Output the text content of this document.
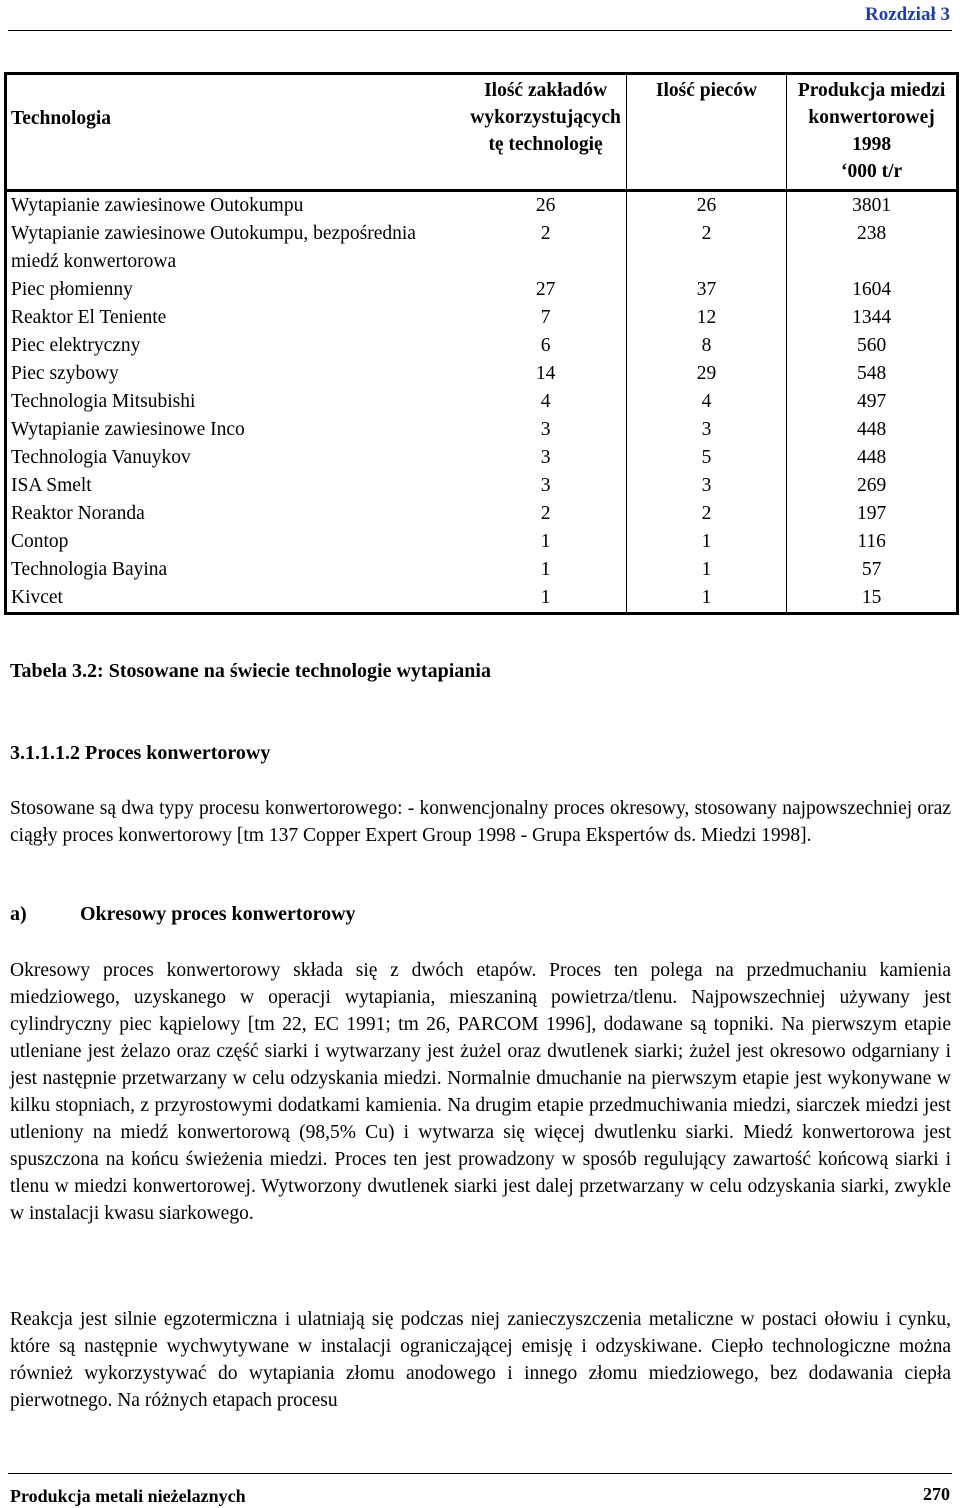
Rozdział 3
Technologia	Ilość zakładów wykorzystujących tę technologię	Ilość pieców	Produkcja miedzi konwertorowej 1998
‘000 t/r

Wytapianie zawiesinowe Outokumpu	26	26	3801
Wytapianie zawiesinowe Outokumpu, bezpośrednia miedź konwertorowa	2	2	238
Piec płomienny	27	37	1604
Reaktor El Teniente	7	12	1344
Piec elektryczny	6	8	560
Piec szybowy	14	29	548
Technologia Mitsubishi	4	4	497
Wytapianie zawiesinowe Inco	3	3	448
Technologia Vanuykov	3	5	448
ISA Smelt	3	3	269
Reaktor Noranda	2	2	197
Contop	1	1	116
Technologia Bayina	1	1	57
Kivcet	1	1	15
Tabela 3.2: Stosowane na świecie technologie wytapiania
3.1.1.1.2 Proces konwertorowy
Stosowane są dwa typy procesu konwertorowego: - konwencjonalny proces okresowy, stosowany najpowszechniej oraz ciągły proces konwertorowy [tm 137 Copper Expert Group 1998 - Grupa Ekspertów ds. Miedzi 1998].
a)	Okresowy proces konwertorowy
Okresowy proces konwertorowy składa się z dwóch etapów. Proces ten polega na przedmuchaniu kamienia miedziowego, uzyskanego w operacji wytapiania, mieszaniną powietrza/tlenu. Najpowszechniej używany jest cylindryczny piec kąpielowy [tm 22, EC 1991; tm 26, PARCOM 1996], dodawane są topniki. Na pierwszym etapie utleniane jest żelazo oraz część siarki i wytwarzany jest żużel oraz dwutlenek siarki; żużel jest okresowo odgarniany i jest następnie przetwarzany w celu odzyskania miedzi. Normalnie dmuchanie na pierwszym etapie jest wykonywane w kilku stopniach, z przyrostowymi dodatkami kamienia. Na drugim etapie przedmuchiwania miedzi, siarczek miedzi jest utleniony na miedź konwertorową (98,5% Cu) i wytwarza się więcej dwutlenku siarki. Miedź konwertorowa jest spuszczona na końcu świeżenia miedzi. Proces ten jest prowadzony w sposób regulujący zawartość końcową siarki i tlenu w miedzi konwertorowej. Wytworzony dwutlenek siarki jest dalej przetwarzany w celu odzyskania siarki, zwykle w instalacji kwasu siarkowego.
Reakcja jest silnie egzotermiczna i ulatniają się podczas niej zanieczyszczenia metaliczne w postaci ołowiu i cynku, które są następnie wychwytywane w instalacji ograniczającej emisję i odzyskiwane. Ciepło technologiczne można również wykorzystywać do wytapiania złomu anodowego i innego złomu miedziowego, bez dodawania ciepła pierwotnego. Na różnych etapach procesu
Produkcja metali nieżelaznych	270
